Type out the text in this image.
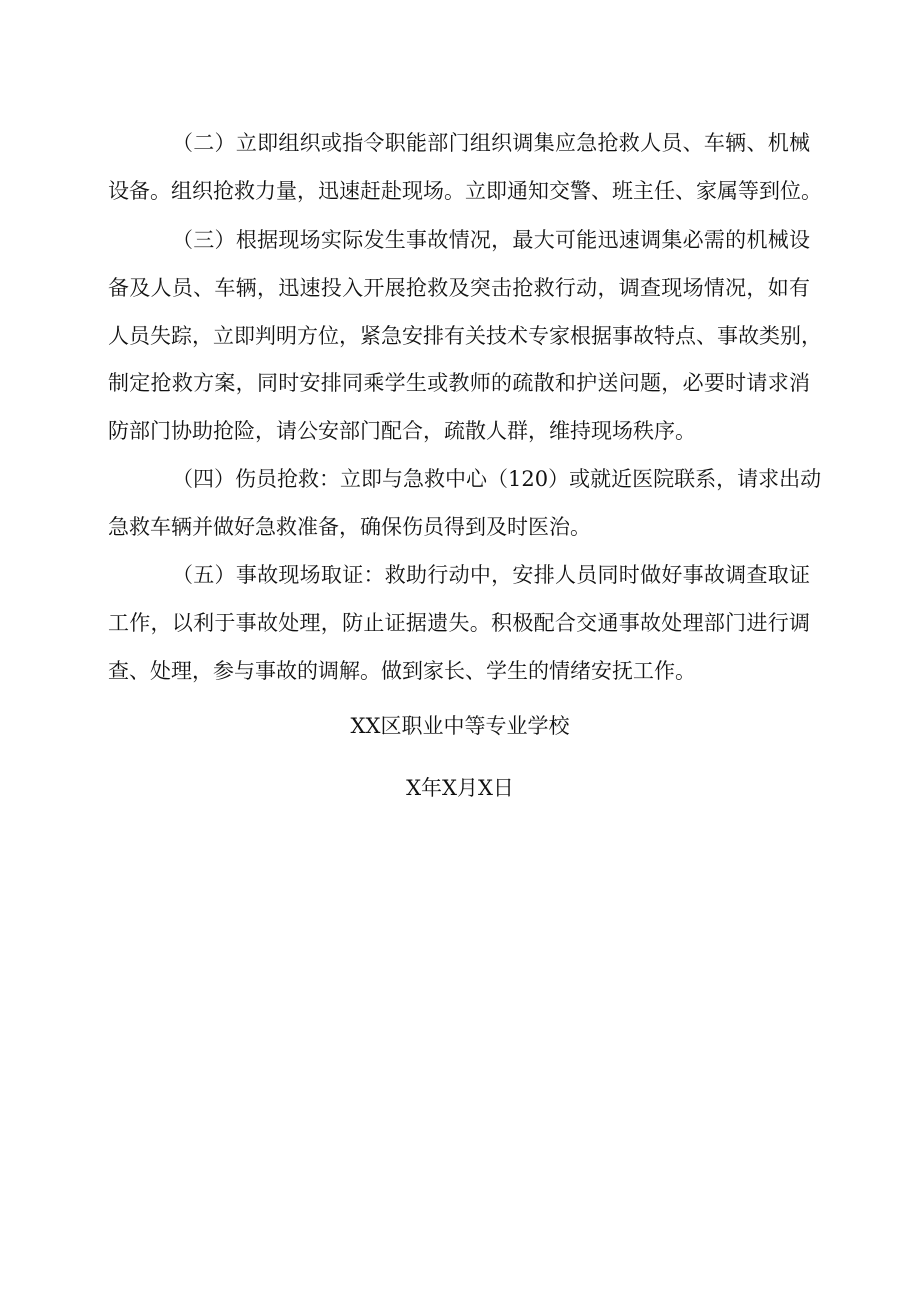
（二）立即组织或指令职能部门组织调集应急抢救人员、车辆、机械
设备。组织抢救力量，迅速赶赴现场。立即通知交警、班主任、家属等到位。
（三）根据现场实际发生事故情况，最大可能迅速调集必需的机械设
备及人员、车辆，迅速投入开展抢救及突击抢救行动，调查现场情况，如有
人员失踪，立即判明方位，紧急安排有关技术专家根据事故特点、事故类别，
制定抢救方案，同时安排同乘学生或教师的疏散和护送问题，必要时请求消
防部门协助抢险，请公安部门配合，疏散人群，维持现场秩序。
（四）伤员抢救：立即与急救中心（120）或就近医院联系，请求出动
急救车辆并做好急救准备，确保伤员得到及时医治。
（五）事故现场取证：救助行动中，安排人员同时做好事故调查取证
工作，以利于事故处理，防止证据遗失。积极配合交通事故处理部门进行调
查、处理，参与事故的调解。做到家长、学生的情绪安抚工作。
XX区职业中等专业学校
X年X月X日
